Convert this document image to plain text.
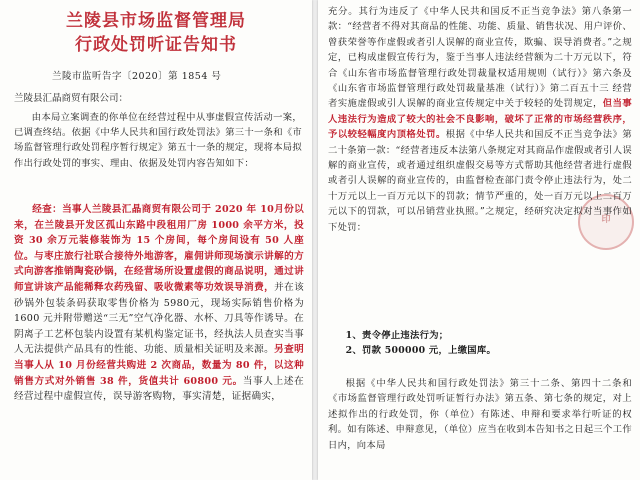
兰陵县市场监督管理局
行政处罚听证告知书
兰陵市监听告字〔2020〕第 1854 号
兰陵县汇晶商贸有限公司：
由本局立案调查的你单位在经营过程中从事虚假宣传活动一案，已调查终结。依据《中华人民共和国行政处罚法》第三十一条和《市场监督管理行政处罚程序暂行规定》第五十一条的规定，现将本局拟作出行政处罚的事实、理由、依据及处罚内容告知如下：
经查：当事人兰陵县汇晶商贸有限公司于 2020 年 10月份以来，在兰陵县开发区孤山东路中段租用厂房 1000 余平方米，投资 30 余万元装修装饰为 15 个房间，每个房间设有 50 人座位。与枣庄旅行社联合接待外地游客，雇佣讲师现场演示讲解的方式向游客推销陶瓷砂锅，在经营场所设置虚假的商品说明，通过讲师宣讲该产品能稀释农药残留、吸收微素等功效误导消费，并在该砂锅外包装条码获取零售价格为 5980元，现场实际销售价格为 1600 元并附带赠送“三无”空气净化器、水杯、刀具等作诱导。在阴离子工艺杯包装内设置有某机构鉴定证书，经执法人员查实当事人无法提供产品具有的性能、功能、质量相关证明及来源。另查明当事人从 10 月份经营共购进 2 次商品，数量为 80 件，以这种销售方式对外销售 38 件，货值共计 60800 元。当事人上述在经营过程中虚假宣传，误导游客购物，事实清楚，证据确实，
印
充分。其行为违反了《中华人民共和国反不正当竞争法》第八条第一款：“经营者不得对其商品的性能、功能、质量、销售状况、用户评价、曾获荣誉等作虚假或者引人误解的商业宣传，欺骗、误导消费者。”之规定，已构成虚假宣传行为，鉴于当事人违法经营额为二十万元以下，符合《山东省市场监督管理行政处罚裁量权适用规则（试行）》第六条及《山东省市场监督管理行政处罚裁量基准（试行）》第二百五十三 经营者实施虚假或引人误解的商业宣传规定中关于较轻的处罚规定，但当事人违法行为造成了较大的社会不良影响，破坏了正常的市场经营秩序，予以较轻幅度内顶格处罚。根据《中华人民共和国反不正当竞争法》第二十条第一款：“经营者违反本法第八条规定对其商品作虚假或者引人误解的商业宣传，或者通过组织虚假交易等方式帮助其他经营者进行虚假或者引人误解的商业宣传的，由监督检查部门责令停止违法行为，处二十万元以上一百万元以下的罚款；情节严重的，处一百万元以上二百万元以下的罚款，可以吊销营业执照。”之规定，经研究决定拟对当事作如下处罚：
1、责令停止违法行为；
2、罚款 500000 元，上缴国库。
根据《中华人民共和国行政处罚法》第三十二条、第四十二条和《市场监督管理行政处罚听证暂行办法》第五条、第七条的规定，对上述拟作出的行政处罚，你（单位）有陈述、申辩和要求举行听证的权利。如有陈述、申辩意见，（单位）应当在收到本告知书之日起三个工作日内，向本局
